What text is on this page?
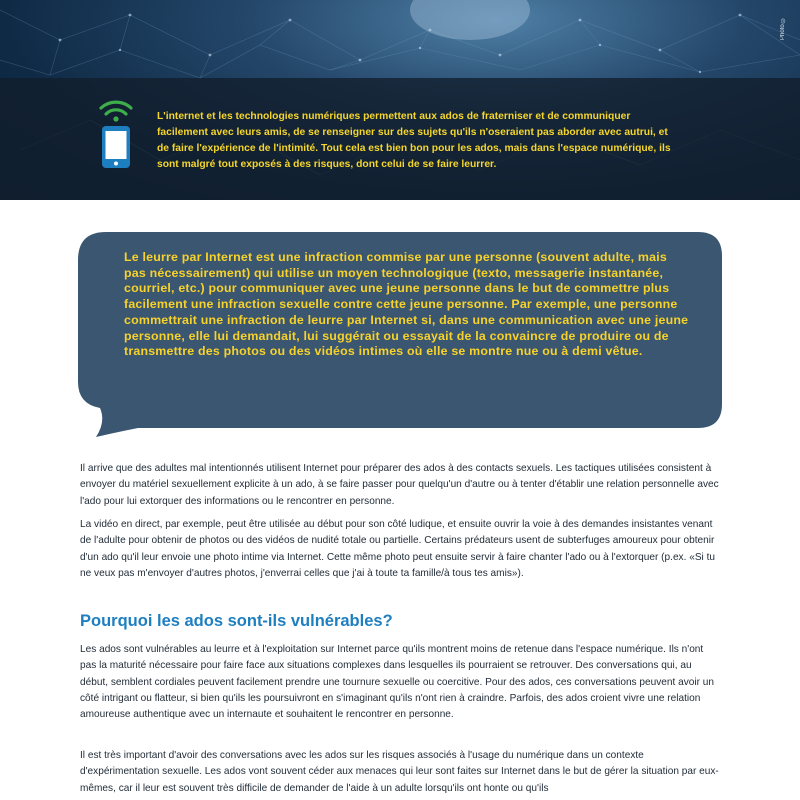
Photo ©

L'internet et les technologies numériques permettent aux ados de fraterniser et de communiquer facilement avec leurs amis, de se renseigner sur des sujets qu'ils n'oseraient pas aborder avec autrui, et de faire l'expérience de l'intimité. Tout cela est bien bon pour les ados, mais dans l'espace numérique, ils sont malgré tout exposés à des risques, dont celui de se faire leurrer.

Le leurre par Internet est une infraction commise par une personne (souvent adulte, mais pas nécessairement) qui utilise un moyen technologique (texto, messagerie instantanée, courriel, etc.) pour communiquer avec une jeune personne dans le but de commettre plus facilement une infraction sexuelle contre cette jeune personne. Par exemple, une personne commettrait une infraction de leurre par Internet si, dans une communication avec une jeune personne, elle lui demandait, lui suggérait ou essayait de la convaincre de produire ou de transmettre des photos ou des vidéos intimes où elle se montre nue ou à demi vêtue.

Il arrive que des adultes mal intentionnés utilisent Internet pour préparer des ados à des contacts sexuels. Les tactiques utilisées consistent à envoyer du matériel sexuellement explicite à un ado, à se faire passer pour quelqu'un d'autre ou à tenter d'établir une relation personnelle avec l'ado pour lui extorquer des informations ou le rencontrer en personne.

La vidéo en direct, par exemple, peut être utilisée au début pour son côté ludique, et ensuite ouvrir la voie à des demandes insistantes venant de l'adulte pour obtenir de photos ou des vidéos de nudité totale ou partielle. Certains prédateurs usent de subterfuges amoureux pour obtenir d'un ado qu'il leur envoie une photo intime via Internet. Cette même photo peut ensuite servir à faire chanter l'ado ou à l'extorquer (p.ex. «Si tu ne veux pas m'envoyer d'autres photos, j'enverrai celles que j'ai à toute ta famille/à tous tes amis»).

Pourquoi les ados sont-ils vulnérables?

Les ados sont vulnérables au leurre et à l'exploitation sur Internet parce qu'ils montrent moins de retenue dans l'espace numérique. Ils n'ont pas la maturité nécessaire pour faire face aux situations complexes dans lesquelles ils pourraient se retrouver. Des conversations qui, au début, semblent cordiales peuvent facilement prendre une tournure sexuelle ou coercitive. Pour des ados, ces conversations peuvent avoir un côté intrigant ou flatteur, si bien qu'ils les poursuivront en s'imaginant qu'ils n'ont rien à craindre. Parfois, des ados croient vivre une relation amoureuse authentique avec un internaute et souhaitent le rencontrer en personne.

Il est très important d'avoir des conversations avec les ados sur les risques associés à l'usage du numérique dans un contexte d'expérimentation sexuelle. Les ados vont souvent céder aux menaces qui leur sont faites sur Internet dans le but de gérer la situation par eux-mêmes, car il leur est souvent très difficile de demander de l'aide à un adulte lorsqu'ils ont honte ou qu'ils
